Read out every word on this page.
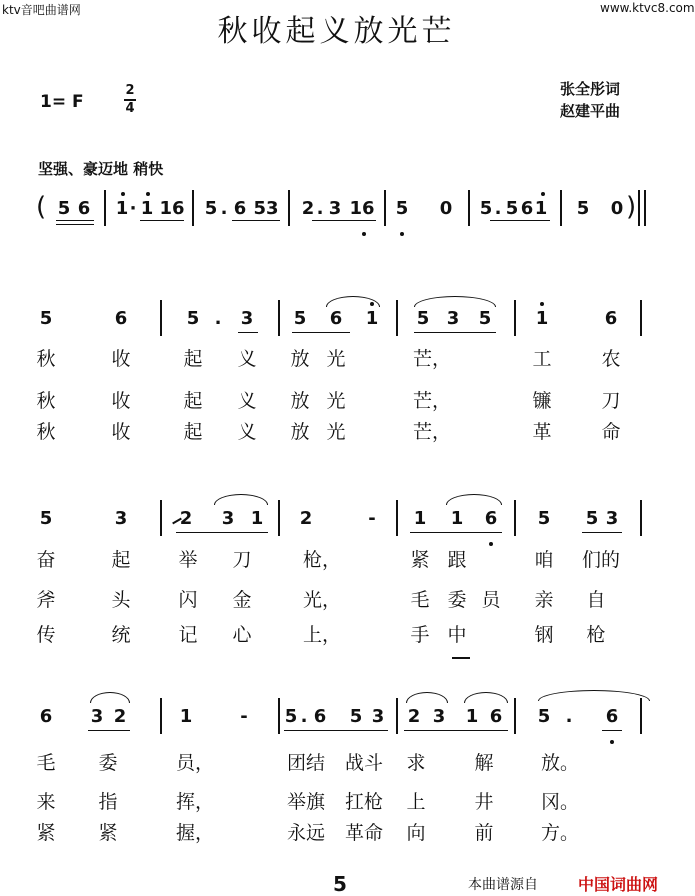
ktv音吧曲谱网	www.ktvc8.com
秋收起义放光芒
1= F
2
4
张全彤词
赵建平曲
坚强、豪迈地 稍快
( 5 6 1 · 1 16 5 . 6 53 2 . 3 16 5 0 5 . 5 6 1 5 0 )
5	6	5 . 3 5 6 1 5 3 5 1	6
秋	收	起 义 放 光	芒，	工	农
秋	收	起 义 放 光	芒，	镰	刀
秋	收	起 义 放 光	芒，	革	命
5	3	2 3 1 2	- 1 1 6 5 5 3
奋	起	举 刀	枪，	紧 跟	咱 们的
斧	头	闪 金	光，	毛 委 员 亲 自
传	统	记 心	上，	手 中	钢 枪
6 3 2	1	- 5 . 6 5 3 2 3 1 6 5 . 6
毛 委	员，	团结 战斗 求	解 放。
来 指	挥，	举旗 扛枪 上	井 冈。
紧 紧	握，	永远 革命 向	前 方。
5	本曲谱源自	中国词曲网
